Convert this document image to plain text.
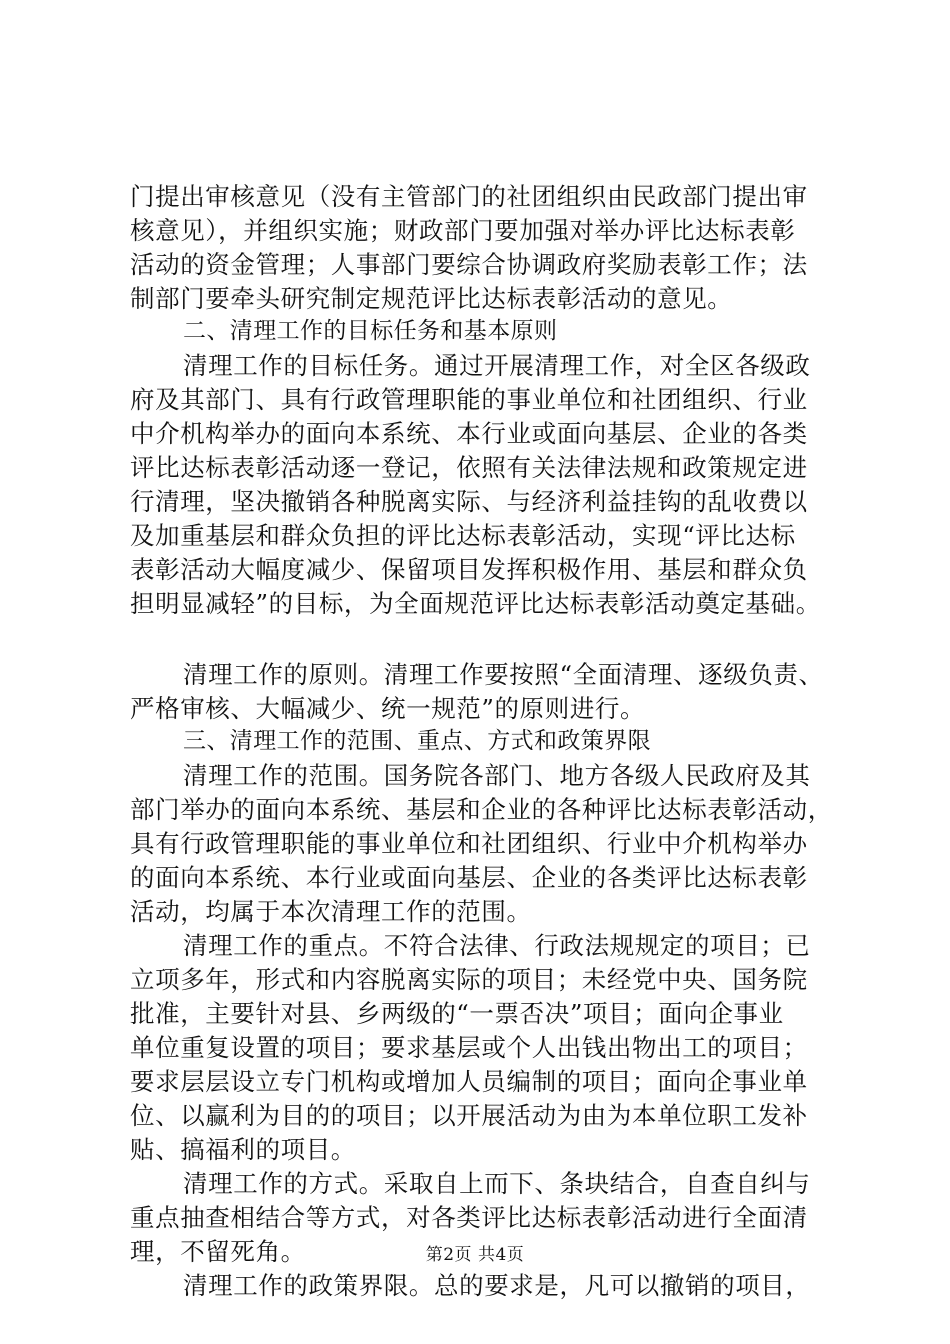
门提出审核意见（没有主管部门的社团组织由民政部门提出审
核意见），并组织实施；财政部门要加强对举办评比达标表彰
活动的资金管理；人事部门要综合协调政府奖励表彰工作；法
制部门要牵头研究制定规范评比达标表彰活动的意见。
二、清理工作的目标任务和基本原则
清理工作的目标任务。通过开展清理工作，对全区各级政
府及其部门、具有行政管理职能的事业单位和社团组织、行业
中介机构举办的面向本系统、本行业或面向基层、企业的各类
评比达标表彰活动逐一登记，依照有关法律法规和政策规定进
行清理，坚决撤销各种脱离实际、与经济利益挂钩的乱收费以
及加重基层和群众负担的评比达标表彰活动，实现“评比达标
表彰活动大幅度减少、保留项目发挥积极作用、基层和群众负
担明显减轻”的目标，为全面规范评比达标表彰活动奠定基础。
清理工作的原则。清理工作要按照“全面清理、逐级负责、
严格审核、大幅减少、统一规范”的原则进行。
三、清理工作的范围、重点、方式和政策界限
清理工作的范围。国务院各部门、地方各级人民政府及其
部门举办的面向本系统、基层和企业的各种评比达标表彰活动，
具有行政管理职能的事业单位和社团组织、行业中介机构举办
的面向本系统、本行业或面向基层、企业的各类评比达标表彰
活动，均属于本次清理工作的范围。
清理工作的重点。不符合法律、行政法规规定的项目；已
立项多年，形式和内容脱离实际的项目；未经党中央、国务院
批准，主要针对县、乡两级的“一票否决”项目；面向企事业
单位重复设置的项目；要求基层或个人出钱出物出工的项目；
要求层层设立专门机构或增加人员编制的项目；面向企事业单
位、以赢利为目的的项目；以开展活动为由为本单位职工发补
贴、搞福利的项目。
清理工作的方式。采取自上而下、条块结合，自查自纠与
重点抽查相结合等方式，对各类评比达标表彰活动进行全面清
理，不留死角。
清理工作的政策界限。总的要求是，凡可以撤销的项目，
第2页 共4页
